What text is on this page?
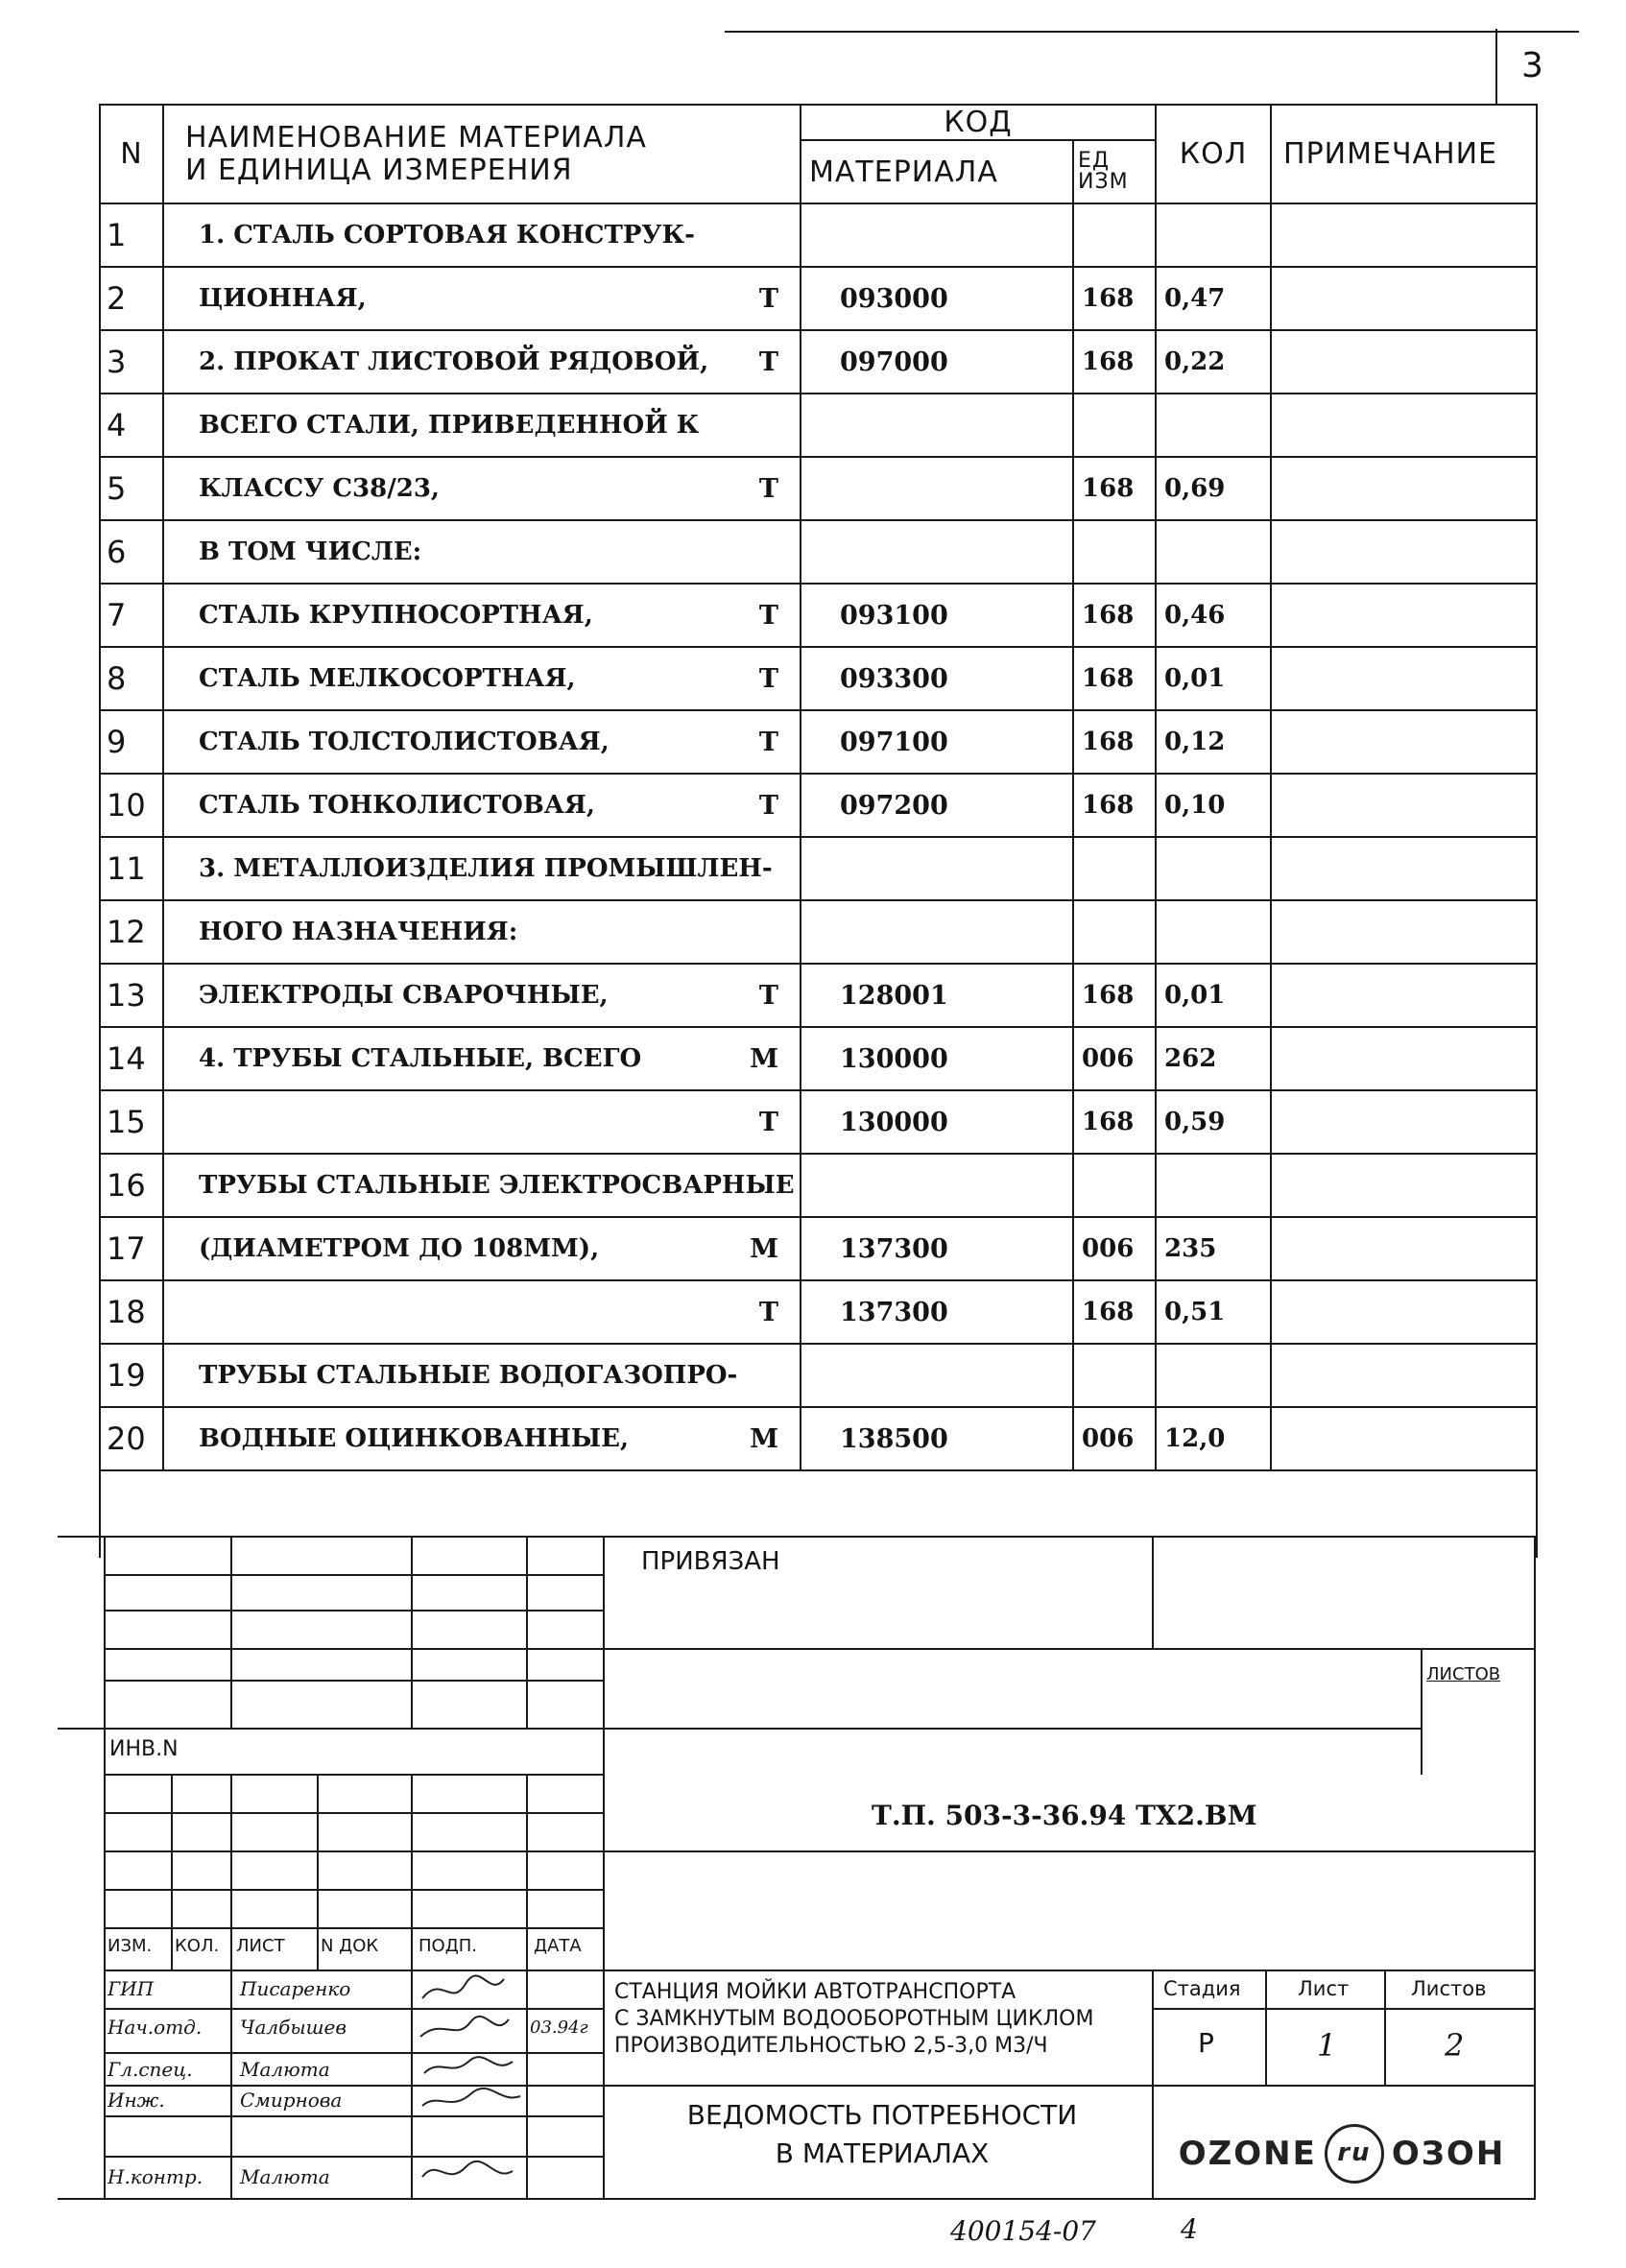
3
N	НАИМЕНОВАНИЕ МАТЕРИАЛА
И ЕДИНИЦА ИЗМЕРЕНИЯ		КОД		КОЛ	ПРИМЕЧАНИЕ
			МАТЕРИАЛА	ЕД
ИЗМ		

1	1. СТАЛЬ СОРТОВАЯ КОНСТРУК-					
2	ЦИОННАЯ,	Т	093000	168	0,47	
3	2. ПРОКАТ ЛИСТОВОЙ РЯДОВОЙ,	Т	097000	168	0,22	
4	ВСЕГО СТАЛИ, ПРИВЕДЕННОЙ К					
5	КЛАССУ С38/23,	Т		168	0,69	
6	В ТОМ ЧИСЛЕ:					
7	СТАЛЬ КРУПНОСОРТНАЯ,	Т	093100	168	0,46	
8	СТАЛЬ МЕЛКОСОРТНАЯ,	Т	093300	168	0,01	
9	СТАЛЬ ТОЛСТОЛИСТОВАЯ,	Т	097100	168	0,12	
10	СТАЛЬ ТОНКОЛИСТОВАЯ,	Т	097200	168	0,10	
11	3. МЕТАЛЛОИЗДЕЛИЯ ПРОМЫШЛЕН-					
12	НОГО НАЗНАЧЕНИЯ:					
13	ЭЛЕКТРОДЫ СВАРОЧНЫЕ,	Т	128001	168	0,01	
14	4. ТРУБЫ СТАЛЬНЫЕ, ВСЕГО	М	130000	006	262	
15		Т	130000	168	0,59	
16	ТРУБЫ СТАЛЬНЫЕ ЭЛЕКТРОСВАРНЫЕ					
17	(ДИАМЕТРОМ ДО 108ММ),	М	137300	006	235	
18		Т	137300	168	0,51	
19	ТРУБЫ СТАЛЬНЫЕ ВОДОГАЗОПРО-					
20	ВОДНЫЕ ОЦИНКОВАННЫЕ,	М	138500	006	12,0	

ПРИВЯЗАН
ЛИСТОВ
ИНВ.N
Т.П. 503-3-36.94 ТХ2.ВМ
ИЗМ. КОЛ. ЛИСТ N ДОК ПОДП.	ДАТА
ГИП	Писаренко
Нач.отд. Чалбышев	03.94г
Гл.спец. Малюта
Инж.	Смирнова
Н.контр. Малюта
СТАНЦИЯ МОЙКИ АВТОТРАНСПОРТА
С ЗАМКНУТЫМ ВОДООБОРОТНЫМ ЦИКЛОМ
ПРОИЗВОДИТЕЛЬНОСТЬЮ 2,5-3,0 М3/Ч
Стадия	Лист	Листов
Р	1	2
ВЕДОМОСТЬ ПОТРЕБНОСТИ
В МАТЕРИАЛАХ	OZONE ru ОЗОН
400154-07	4
